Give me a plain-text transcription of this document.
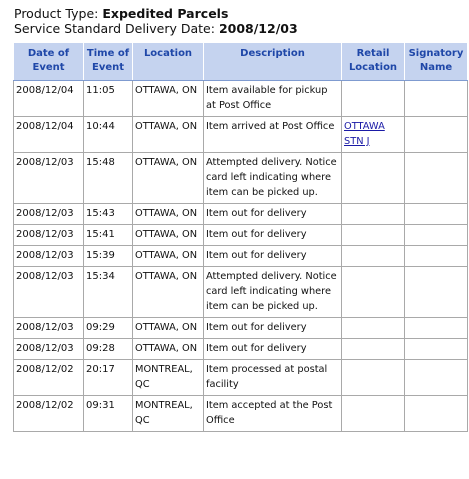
Product Type: Expedited Parcels
Service Standard Delivery Date: 2008/12/03
Date of Event	Time of Event	Location	Description	Retail Location	Signatory Name
2008/12/04	11:05	OTTAWA, ON	Item available for pickup at Post Office		
2008/12/04	10:44	OTTAWA, ON	Item arrived at Post Office	OTTAWA STN J	
2008/12/03	15:48	OTTAWA, ON	Attempted delivery. Notice card left indicating where item can be picked up.		
2008/12/03	15:43	OTTAWA, ON	Item out for delivery		
2008/12/03	15:41	OTTAWA, ON	Item out for delivery		
2008/12/03	15:39	OTTAWA, ON	Item out for delivery		
2008/12/03	15:34	OTTAWA, ON	Attempted delivery. Notice card left indicating where item can be picked up.		
2008/12/03	09:29	OTTAWA, ON	Item out for delivery		
2008/12/03	09:28	OTTAWA, ON	Item out for delivery		
2008/12/02	20:17	MONTREAL, QC	Item processed at postal facility		
2008/12/02	09:31	MONTREAL, QC	Item accepted at the Post Office		
